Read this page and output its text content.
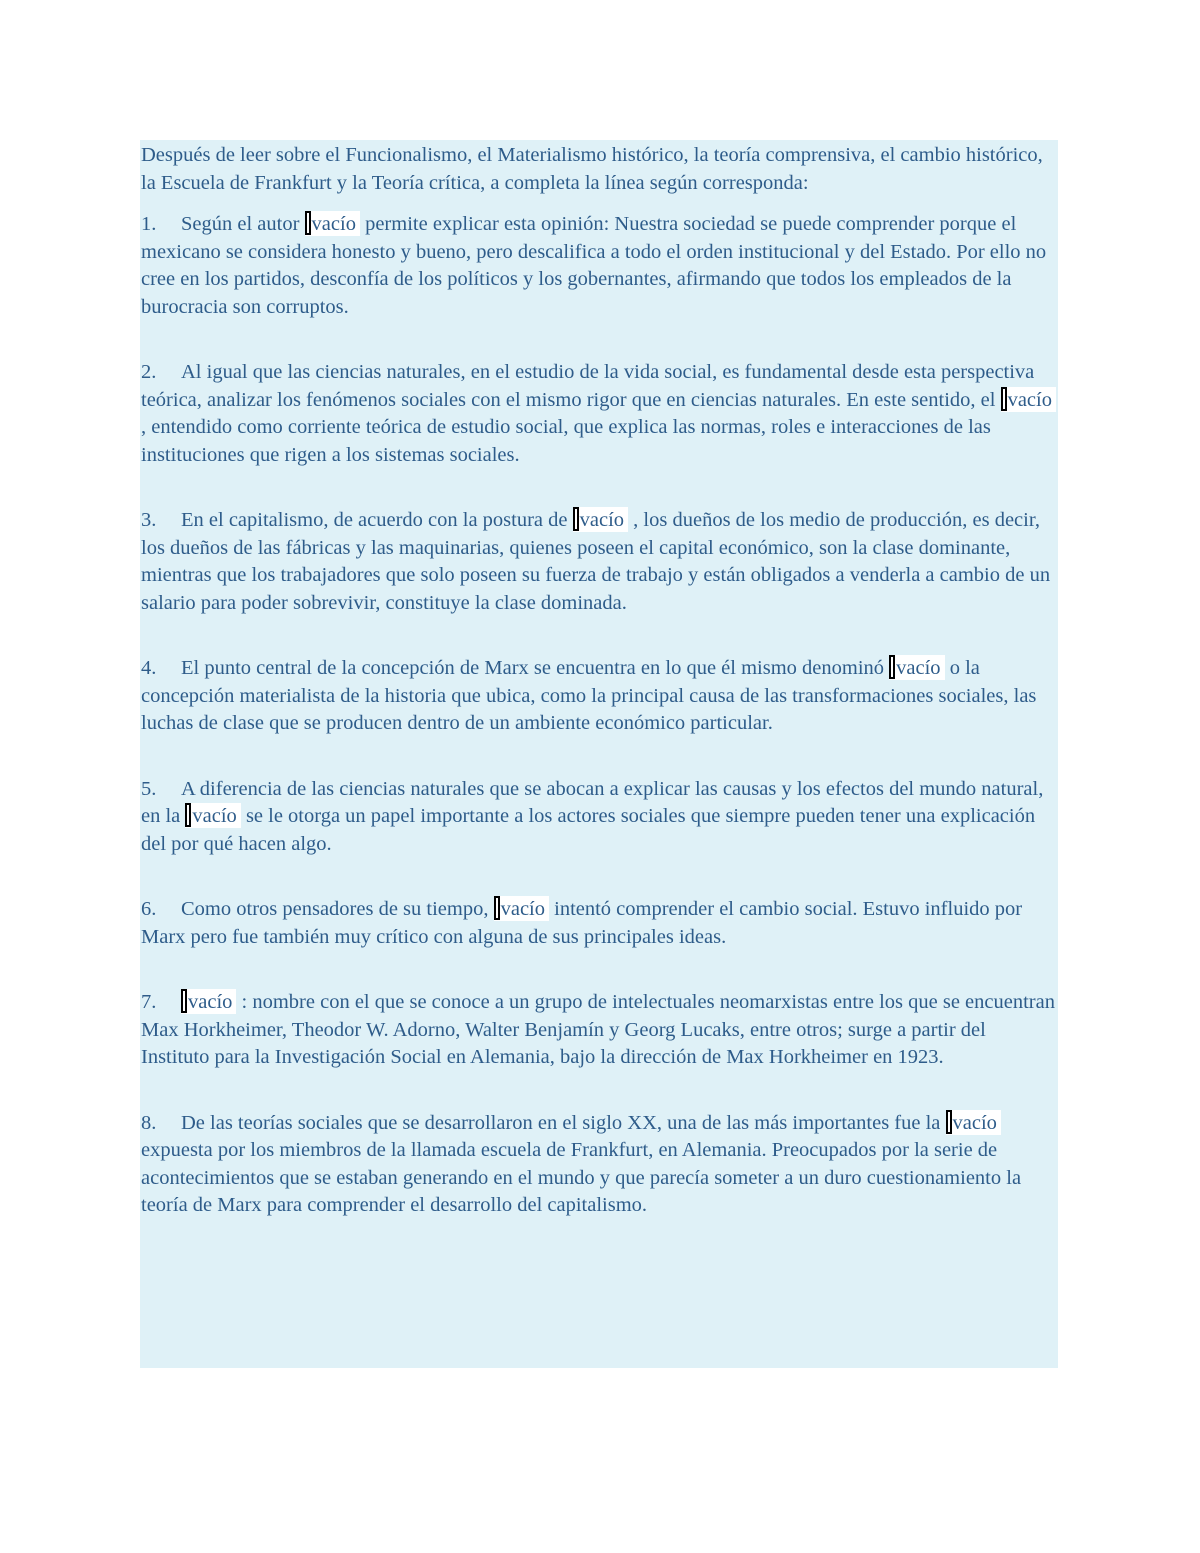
Después de leer sobre el Funcionalismo, el Materialismo histórico, la teoría comprensiva, el cambio histórico, la Escuela de Frankfurt y la Teoría crítica, a completa la línea según corresponda:

1. Según el autor vacío permite explicar esta opinión: Nuestra sociedad se puede comprender porque el mexicano se considera honesto y bueno, pero descalifica a todo el orden institucional y del Estado. Por ello no cree en los partidos, desconfía de los políticos y los gobernantes, afirmando que todos los empleados de la burocracia son corruptos.

2. Al igual que las ciencias naturales, en el estudio de la vida social, es fundamental desde esta perspectiva teórica, analizar los fenómenos sociales con el mismo rigor que en ciencias naturales. En este sentido, el vacío , entendido como corriente teórica de estudio social, que explica las normas, roles e interacciones de las instituciones que rigen a los sistemas sociales.

3. En el capitalismo, de acuerdo con la postura de vacío , los dueños de los medio de producción, es decir, los dueños de las fábricas y las maquinarias, quienes poseen el capital económico, son la clase dominante, mientras que los trabajadores que solo poseen su fuerza de trabajo y están obligados a venderla a cambio de un salario para poder sobrevivir, constituye la clase dominada.

4. El punto central de la concepción de Marx se encuentra en lo que él mismo denominó vacío o la concepción materialista de la historia que ubica, como la principal causa de las transformaciones sociales, las luchas de clase que se producen dentro de un ambiente económico particular.

5. A diferencia de las ciencias naturales que se abocan a explicar las causas y los efectos del mundo natural, en la vacío se le otorga un papel importante a los actores sociales que siempre pueden tener una explicación del por qué hacen algo.

6. Como otros pensadores de su tiempo, vacío intentó comprender el cambio social. Estuvo influido por Marx pero fue también muy crítico con alguna de sus principales ideas.

7. vacío : nombre con el que se conoce a un grupo de intelectuales neomarxistas entre los que se encuentran Max Horkheimer, Theodor W. Adorno, Walter Benjamín y Georg Lucaks, entre otros; surge a partir del Instituto para la Investigación Social en Alemania, bajo la dirección de Max Horkheimer en 1923.

8. De las teorías sociales que se desarrollaron en el siglo XX, una de las más importantes fue la vacío expuesta por los miembros de la llamada escuela de Frankfurt, en Alemania. Preocupados por la serie de acontecimientos que se estaban generando en el mundo y que parecía someter a un duro cuestionamiento la teoría de Marx para comprender el desarrollo del capitalismo.
